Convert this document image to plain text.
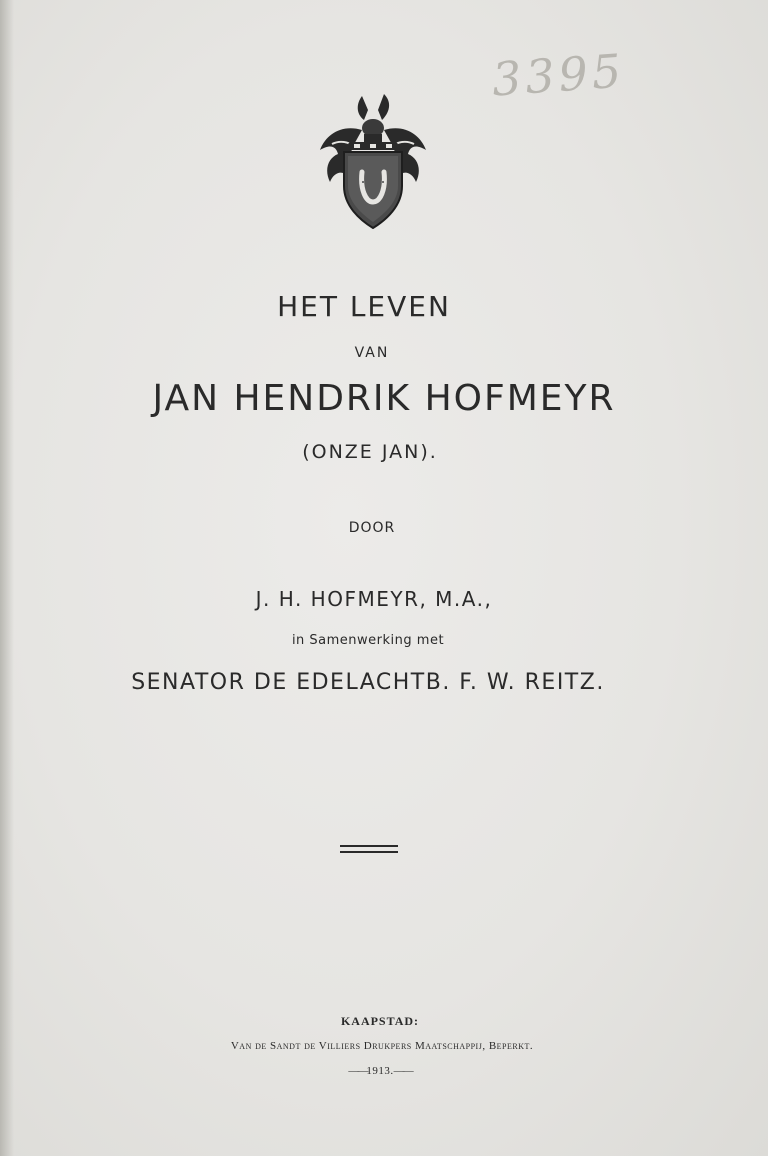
3395
HET LEVEN
VAN
JAN HENDRIK HOFMEYR
(ONZE JAN).
DOOR
J. H. HOFMEYR, M.A.,
in Samenwerking met
SENATOR DE EDELACHTB. F. W. REITZ.
KAAPSTAD:
Van de Sandt de Villiers Drukpers Maatschappij, Beperkt.
——1913.——
